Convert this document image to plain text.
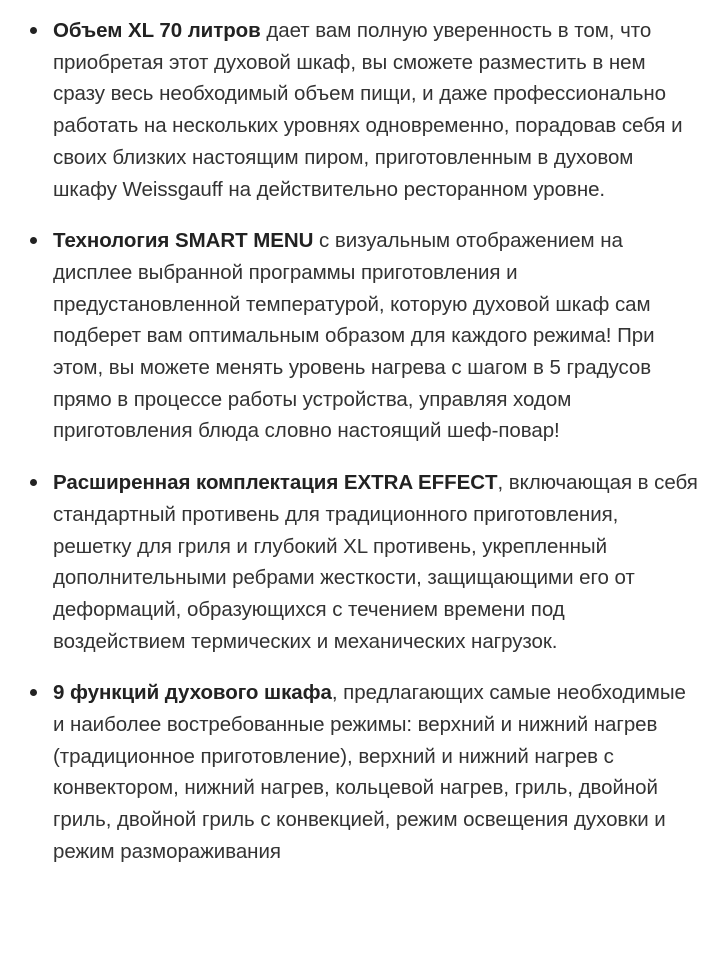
Объем XL 70 литров дает вам полную уверенность в том, что приобретая этот духовой шкаф, вы сможете разместить в нем сразу весь необходимый объем пищи, и даже профессионально работать на нескольких уровнях одновременно, порадовав себя и своих близких настоящим пиром, приготовленным в духовом шкафу Weissgauff на действительно ресторанном уровне.
Технология SMART MENU с визуальным отображением на дисплее выбранной программы приготовления и предустановленной температурой, которую духовой шкаф сам подберет вам оптимальным образом для каждого режима! При этом, вы можете менять уровень нагрева с шагом в 5 градусов прямо в процессе работы устройства, управляя ходом приготовления блюда словно настоящий шеф-повар!
Расширенная комплектация EXTRA EFFECT, включающая в себя стандартный противень для традиционного приготовления, решетку для гриля и глубокий XL противень, укрепленный дополнительными ребрами жесткости, защищающими его от деформаций, образующихся с течением времени под воздействием термических и механических нагрузок.
9 функций духового шкафа, предлагающих самые необходимые и наиболее востребованные режимы: верхний и нижний нагрев (традиционное приготовление), верхний и нижний нагрев с конвектором, нижний нагрев, кольцевой нагрев, гриль, двойной гриль, двойной гриль с конвекцией, режим освещения духовки и режим размораживания
